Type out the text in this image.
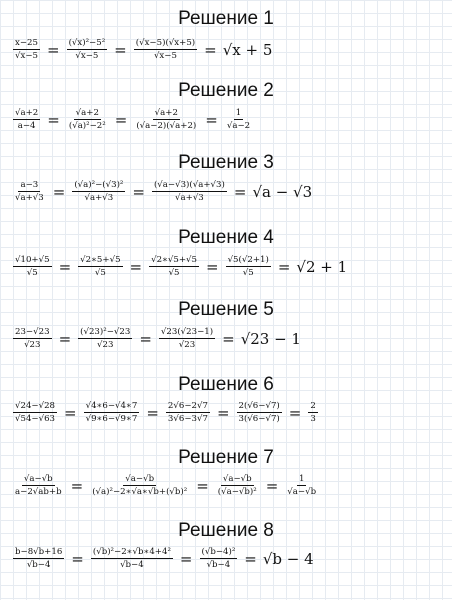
Решение 1
$\frac{x-25}{√x-5} = \frac{\text{(√x)²−5²}}{√x-5} = \frac{(√x-5)(√x+5)}{√x-5} = √x + 5$
Решение 2
$\frac{√a+2}{a-4} = \frac{√a+2}{\text{(√a)²−2²}} = \frac{√a+2}{(√a-2)(√a+2)} = \frac{1}{√a-2}$
Решение 3
$\frac{a-3}{√a+√3} = \frac{\text{(√a)²−(√3)²}}{√a+√3} = \frac{(√a-√3)(√a+√3)}{√a+√3} = √a - √3$
Решение 4
$\frac{√10+√5}{√5} = \frac{√2∗5+√5}{√5} = \frac{√2∗√5+√5}{√5} = \frac{√5(√2+1)}{√5} = √2 + 1$
Решение 5
$\frac{23-√23}{√23} = \frac{\text{(√23)²−√23}}{√23} = \frac{√23(√23-1)}{√23} = √23 - 1$
Решение 6
$\frac{√24-√28}{√54-√63} = \frac{√4∗6-√4∗7}{√9∗6-√9∗7} = \frac{2√6-2√7}{3√6-3√7} = \frac{2(√6-√7)}{3(√6-√7)} = \frac{2}{3}$
Решение 7
$\frac{√a-√b}{a-2√ab+b} = \frac{√a-√b}{\text{(√a)²−2∗√a∗√b+(√b)²}} = \frac{√a-√b}{\text{(√a−√b)²}} = \frac{1}{√a-√b}$
Решение 8
$\frac{b-8√b+16}{√b-4} = \frac{\text{(√b)²−2∗√b∗4+4²}}{√b-4} = \frac{\text{(√b−4)²}}{√b-4} = √b - 4$
